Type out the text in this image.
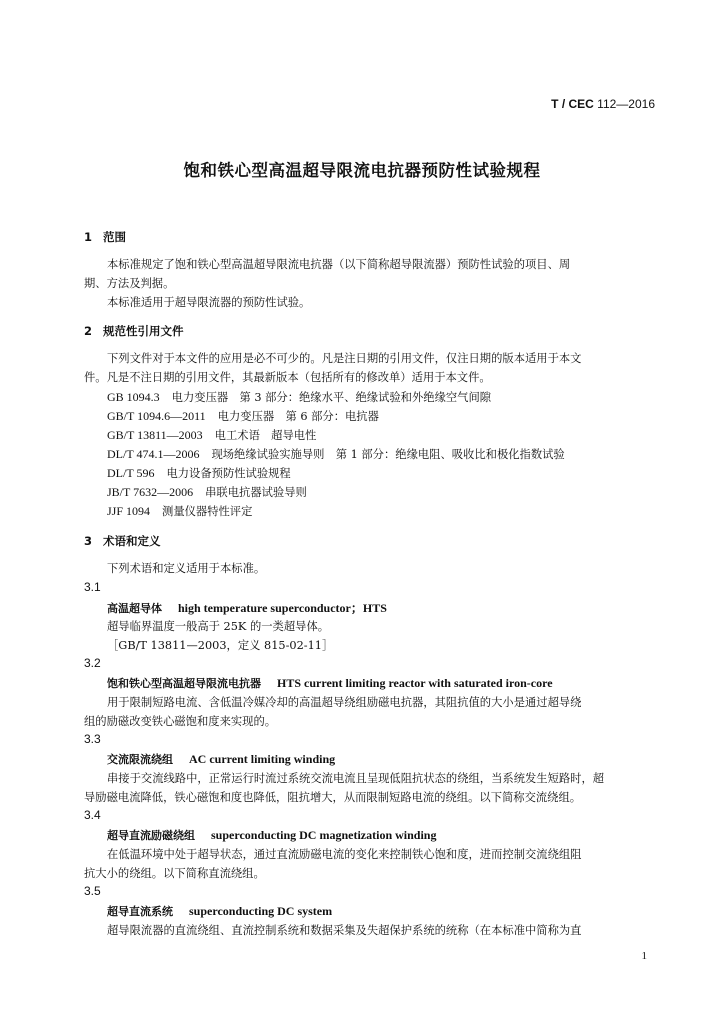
T / CEC 112—2016
饱和铁心型高温超导限流电抗器预防性试验规程
1 范围
本标准规定了饱和铁心型高温超导限流电抗器（以下简称超导限流器）预防性试验的项目、周
期、方法及判据。
本标准适用于超导限流器的预防性试验。
2 规范性引用文件
下列文件对于本文件的应用是必不可少的。凡是注日期的引用文件，仅注日期的版本适用于本文
件。凡是不注日期的引用文件，其最新版本（包括所有的修改单）适用于本文件。
GB 1094.3 电力变压器　第 3 部分：绝缘水平、绝缘试验和外绝缘空气间隙
GB/T 1094.6—2011 电力变压器　第 6 部分：电抗器
GB/T 13811—2003 电工术语　超导电性
DL/T 474.1—2006 现场绝缘试验实施导则　第 1 部分：绝缘电阻、吸收比和极化指数试验
DL/T 596 电力设备预防性试验规程
JB/T 7632—2006 串联电抗器试验导则
JJF 1094 测量仪器特性评定
3 术语和定义
下列术语和定义适用于本标准。
3.1
高温超导体 high temperature superconductor；HTS
超导临界温度一般高于 25K 的一类超导体。
［GB/T 13811—2003，定义 815-02-11］
3.2
饱和铁心型高温超导限流电抗器 HTS current limiting reactor with saturated iron-core
用于限制短路电流、含低温冷媒冷却的高温超导绕组励磁电抗器，其阻抗值的大小是通过超导绕
组的励磁改变铁心磁饱和度来实现的。
3.3
交流限流绕组 AC current limiting winding
串接于交流线路中，正常运行时流过系统交流电流且呈现低阻抗状态的绕组，当系统发生短路时，超
导励磁电流降低，铁心磁饱和度也降低，阻抗增大，从而限制短路电流的绕组。以下简称交流绕组。
3.4
超导直流励磁绕组 superconducting DC magnetization winding
在低温环境中处于超导状态，通过直流励磁电流的变化来控制铁心饱和度，进而控制交流绕组阻
抗大小的绕组。以下简称直流绕组。
3.5
超导直流系统 superconducting DC system
超导限流器的直流绕组、直流控制系统和数据采集及失超保护系统的统称（在本标准中简称为直
1
